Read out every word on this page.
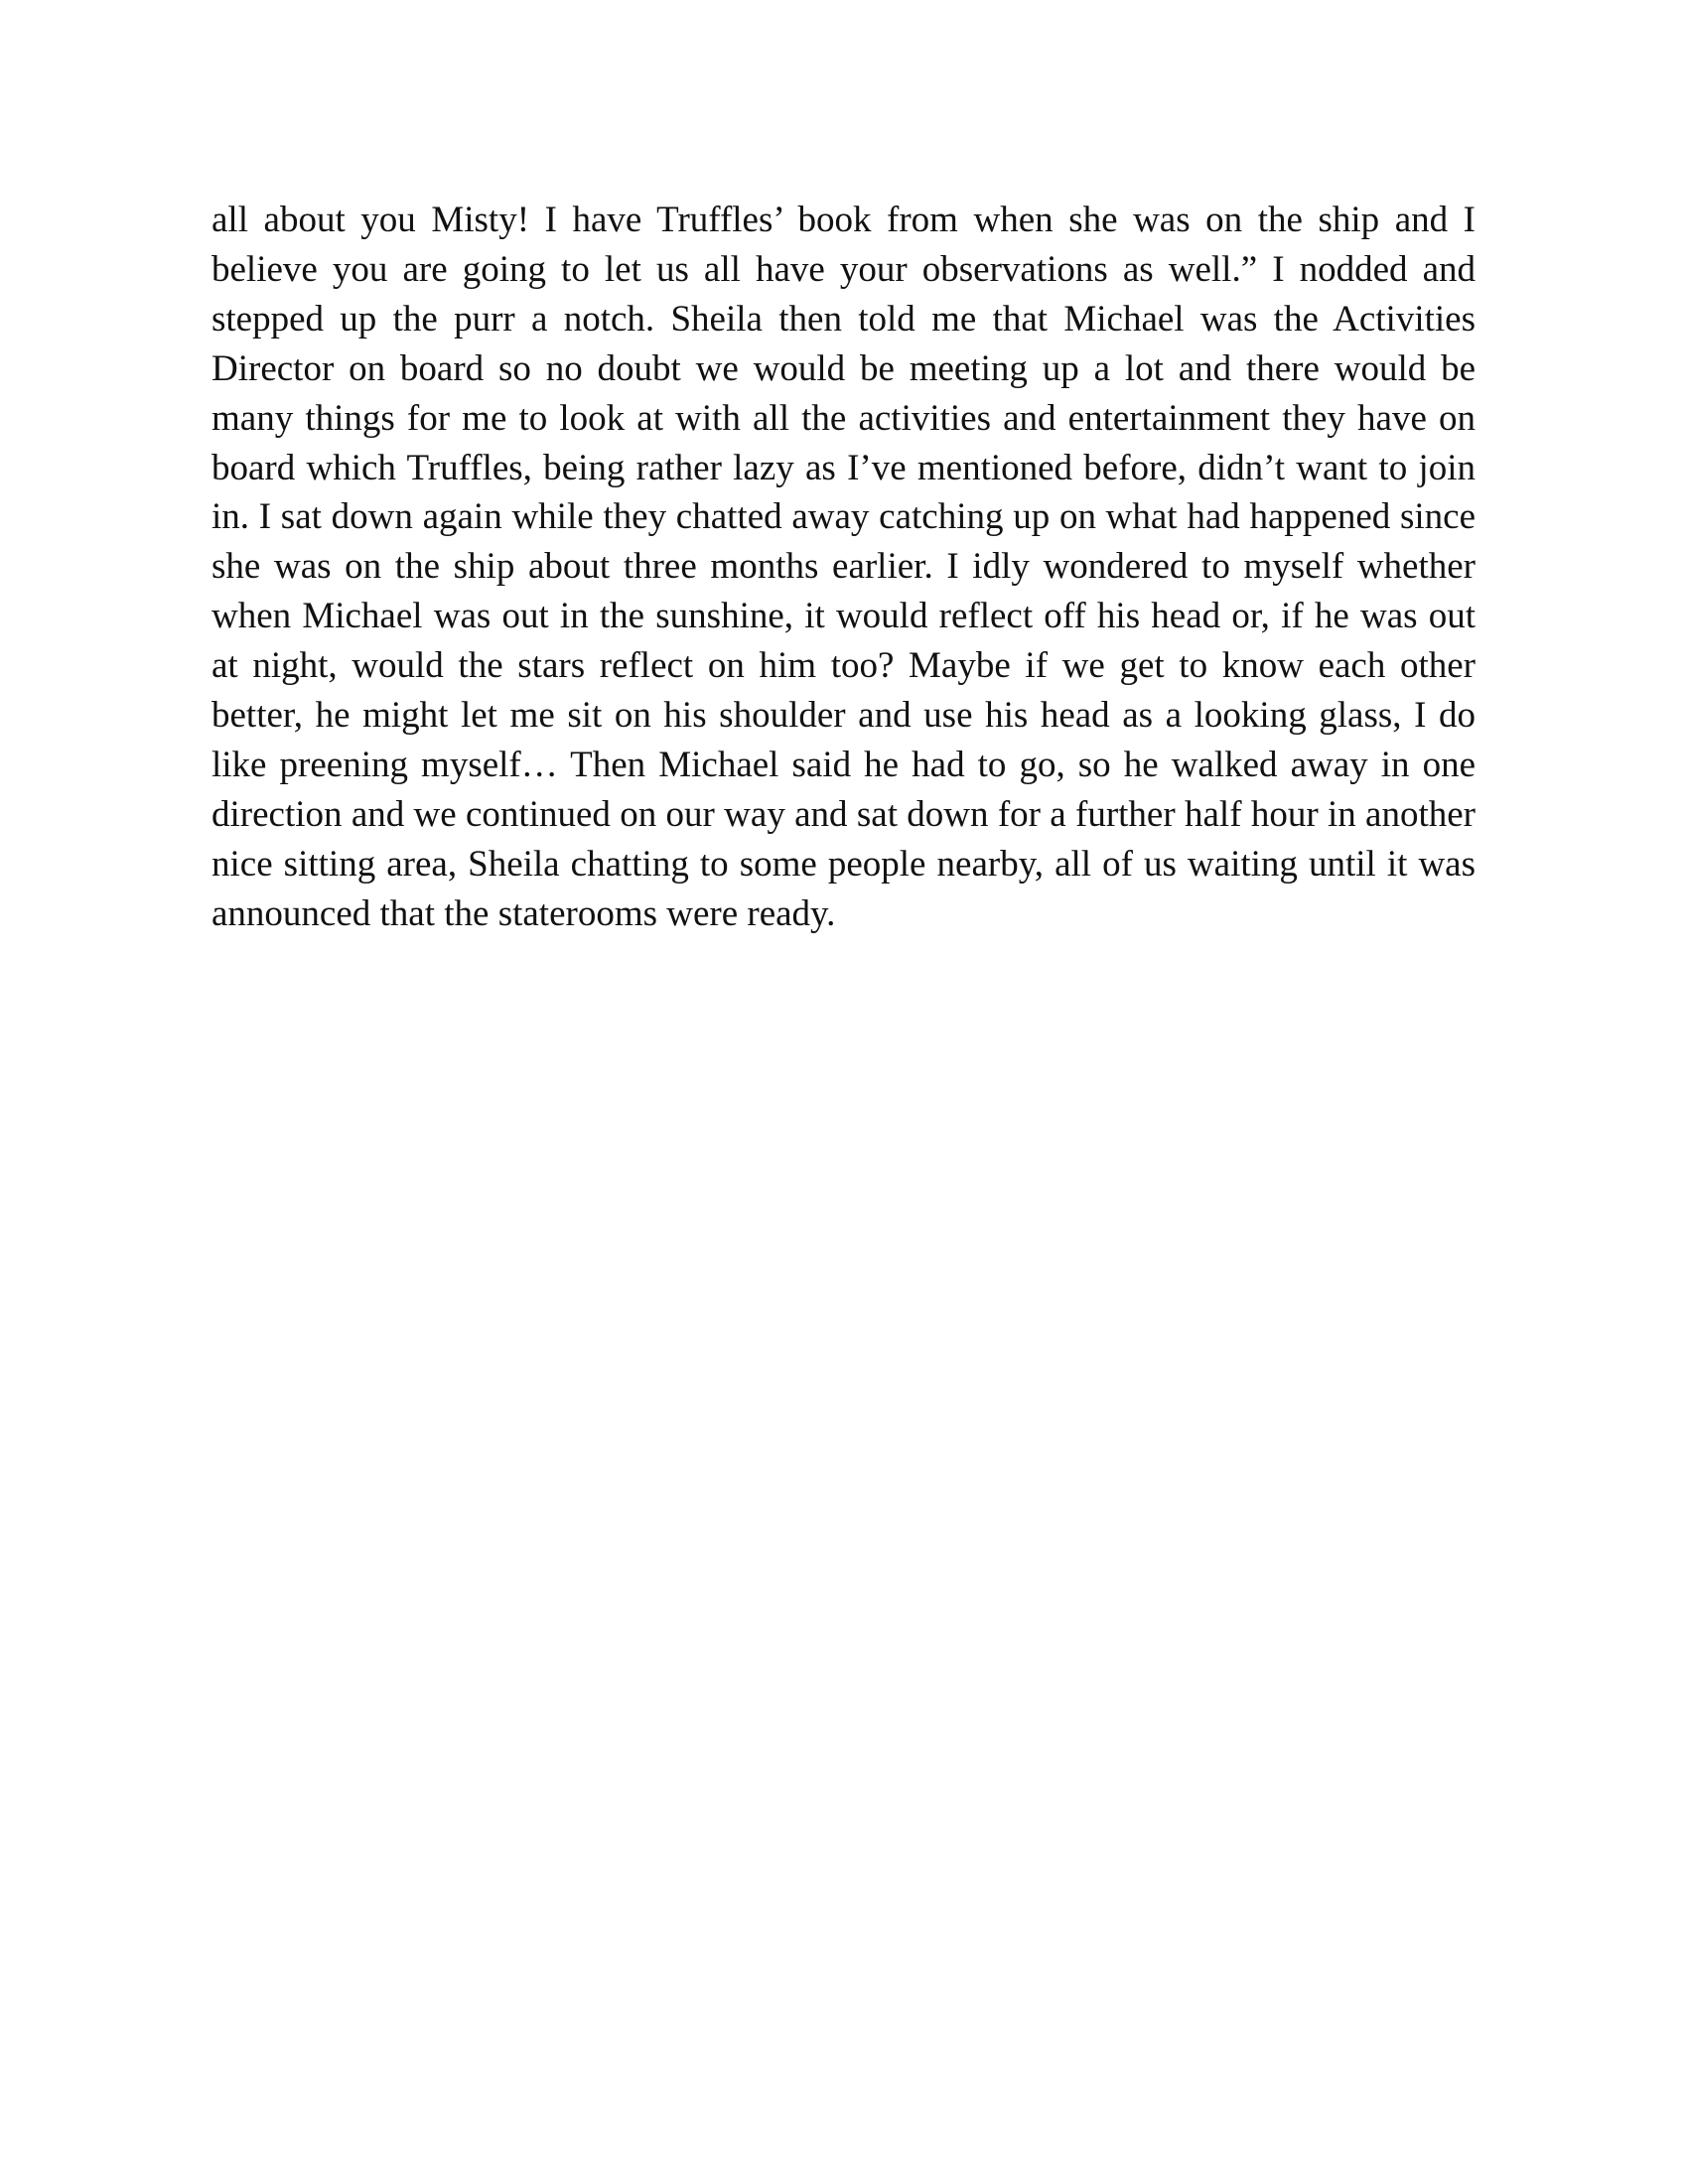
all about you Misty! I have Truffles’ book from when she was on the ship and I believe you are going to let us all have your observations as well.” I nodded and stepped up the purr a notch. Sheila then told me that Michael was the Activities Director on board so no doubt we would be meeting up a lot and there would be many things for me to look at with all the activities and entertainment they have on board which Truffles, being rather lazy as I’ve mentioned before, didn’t want to join in. I sat down again while they chatted away catching up on what had happened since she was on the ship about three months earlier. I idly wondered to myself whether when Michael was out in the sunshine, it would reflect off his head or, if he was out at night, would the stars reflect on him too? Maybe if we get to know each other better, he might let me sit on his shoulder and use his head as a looking glass, I do like preening myself… Then Michael said he had to go, so he walked away in one direction and we continued on our way and sat down for a further half hour in another nice sitting area, Sheila chatting to some people nearby, all of us waiting until it was announced that the staterooms were ready.
